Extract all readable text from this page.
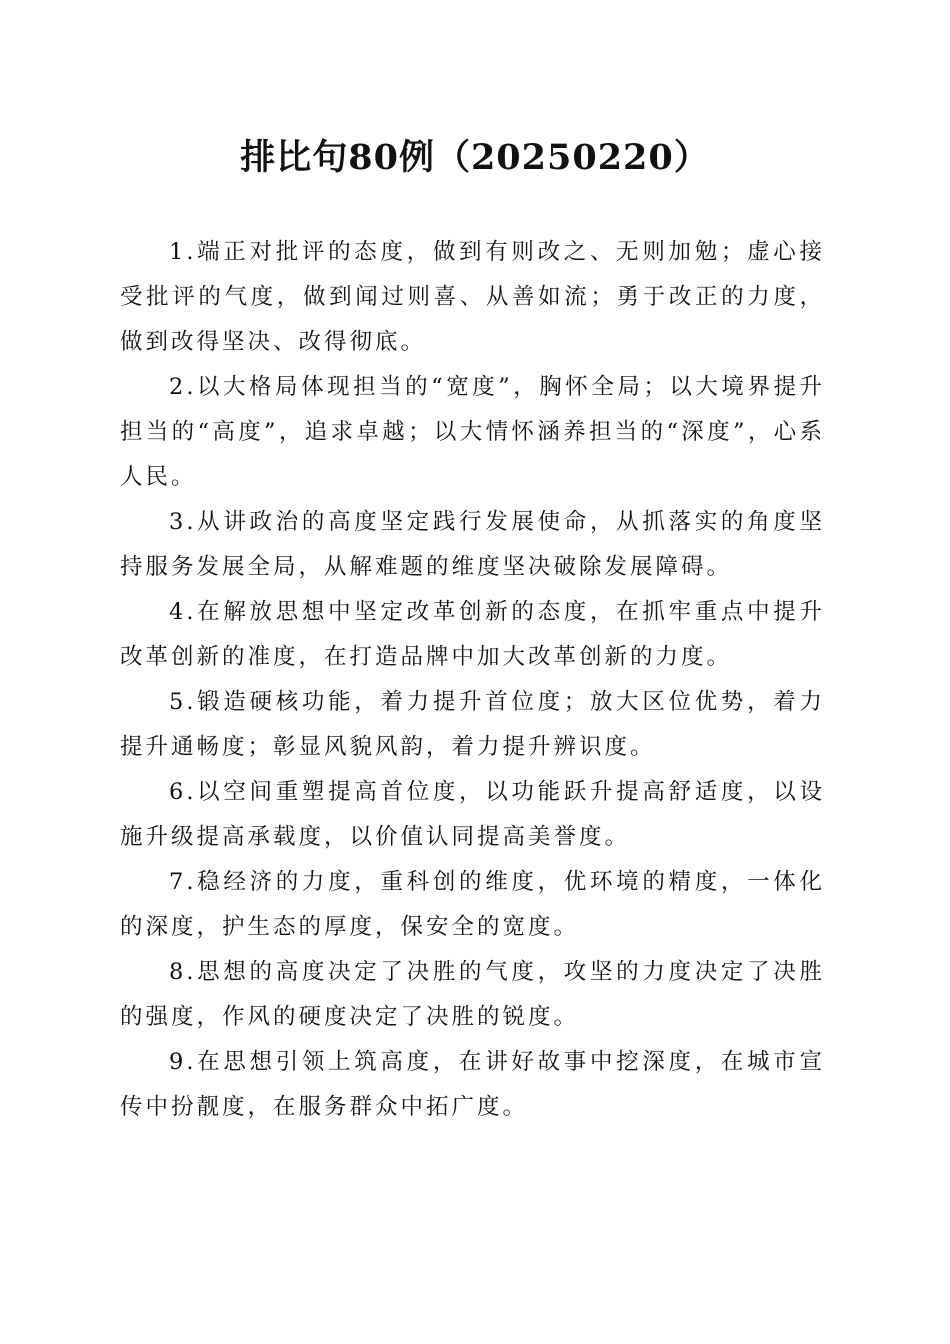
排比句80例（20250220）

1.端正对批评的态度，做到有则改之、无则加勉；虚心接受批评的气度，做到闻过则喜、从善如流；勇于改正的力度，做到改得坚决、改得彻底。

2.以大格局体现担当的“宽度”，胸怀全局；以大境界提升担当的“高度”，追求卓越；以大情怀涵养担当的“深度”，心系人民。

3.从讲政治的高度坚定践行发展使命，从抓落实的角度坚持服务发展全局，从解难题的维度坚决破除发展障碍。

4.在解放思想中坚定改革创新的态度，在抓牢重点中提升改革创新的准度，在打造品牌中加大改革创新的力度。

5.锻造硬核功能，着力提升首位度；放大区位优势，着力提升通畅度；彰显风貌风韵，着力提升辨识度。

6.以空间重塑提高首位度，以功能跃升提高舒适度，以设施升级提高承载度，以价值认同提高美誉度。

7.稳经济的力度，重科创的维度，优环境的精度，一体化的深度，护生态的厚度，保安全的宽度。

8.思想的高度决定了决胜的气度，攻坚的力度决定了决胜的强度，作风的硬度决定了决胜的锐度。

9.在思想引领上筑高度，在讲好故事中挖深度，在城市宣传中扮靓度，在服务群众中拓广度。
